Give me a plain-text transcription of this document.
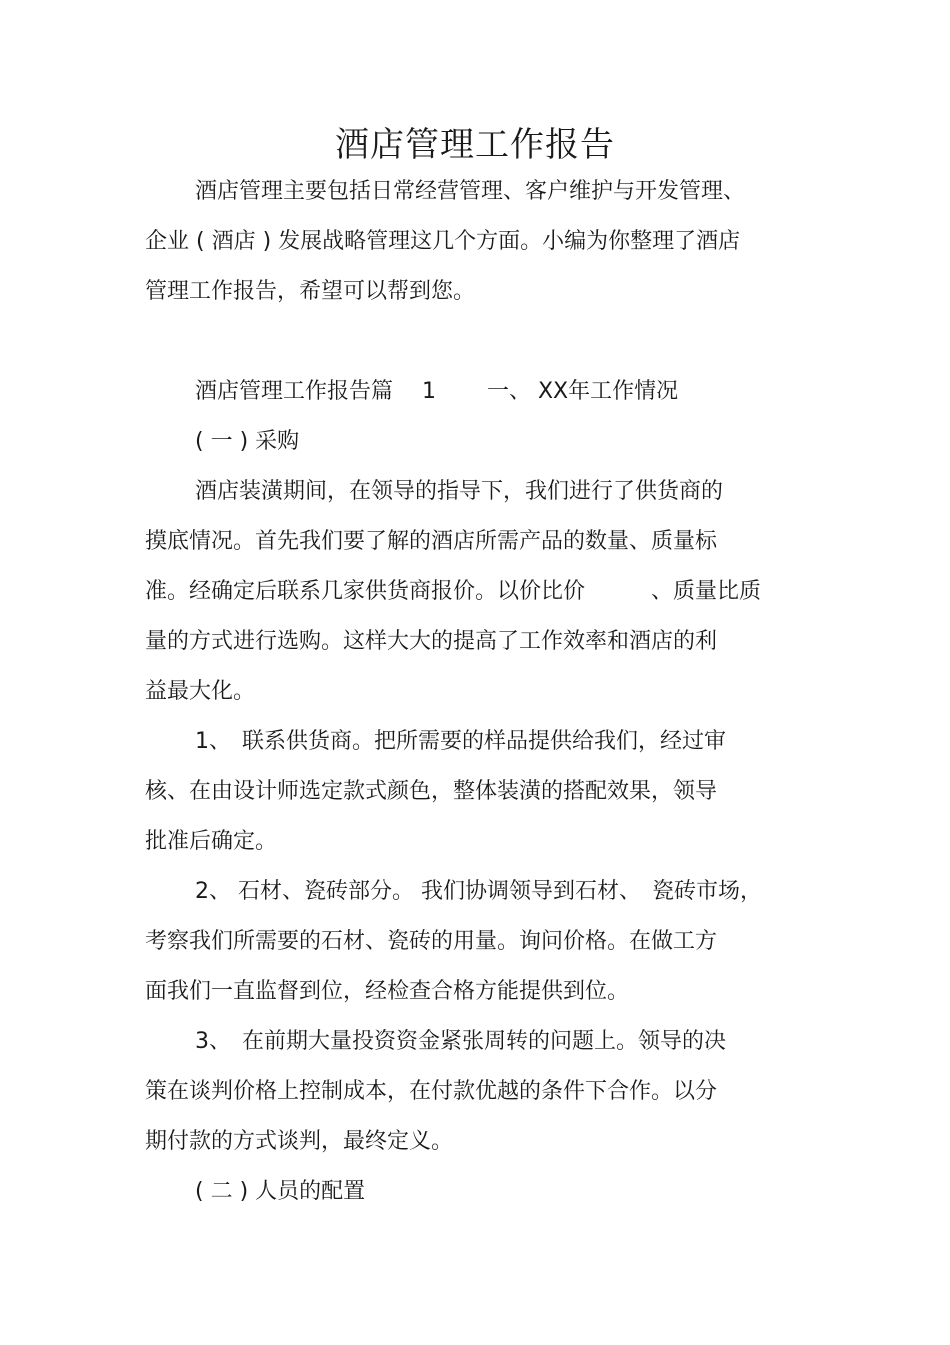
酒店管理工作报告
酒店管理主要包括日常经营管理、客户维护与开发管理、
企业 ( 酒店 ) 发展战略管理这几个方面。小编为你整理了酒店
管理工作报告，希望可以帮到您。
酒店管理工作报告篇　 1　　 一、 XX年工作情况
( 一 ) 采购
酒店装潢期间，在领导的指导下，我们进行了供货商的
摸底情况。首先我们要了解的酒店所需产品的数量、质量标
准。经确定后联系几家供货商报价。以价比价　　　、质量比质
量的方式进行选购。这样大大的提高了工作效率和酒店的利
益最大化。
1、　联系供货商。把所需要的样品提供给我们，经过审
核、在由设计师选定款式颜色，整体装潢的搭配效果，领导
批准后确定。
2、 石材、瓷砖部分。 我们协调领导到石材、　瓷砖市场，
考察我们所需要的石材、瓷砖的用量。询问价格。在做工方
面我们一直监督到位，经检查合格方能提供到位。
3、　在前期大量投资资金紧张周转的问题上。领导的决
策在谈判价格上控制成本，在付款优越的条件下合作。以分
期付款的方式谈判，最终定义。
( 二 ) 人员的配置
